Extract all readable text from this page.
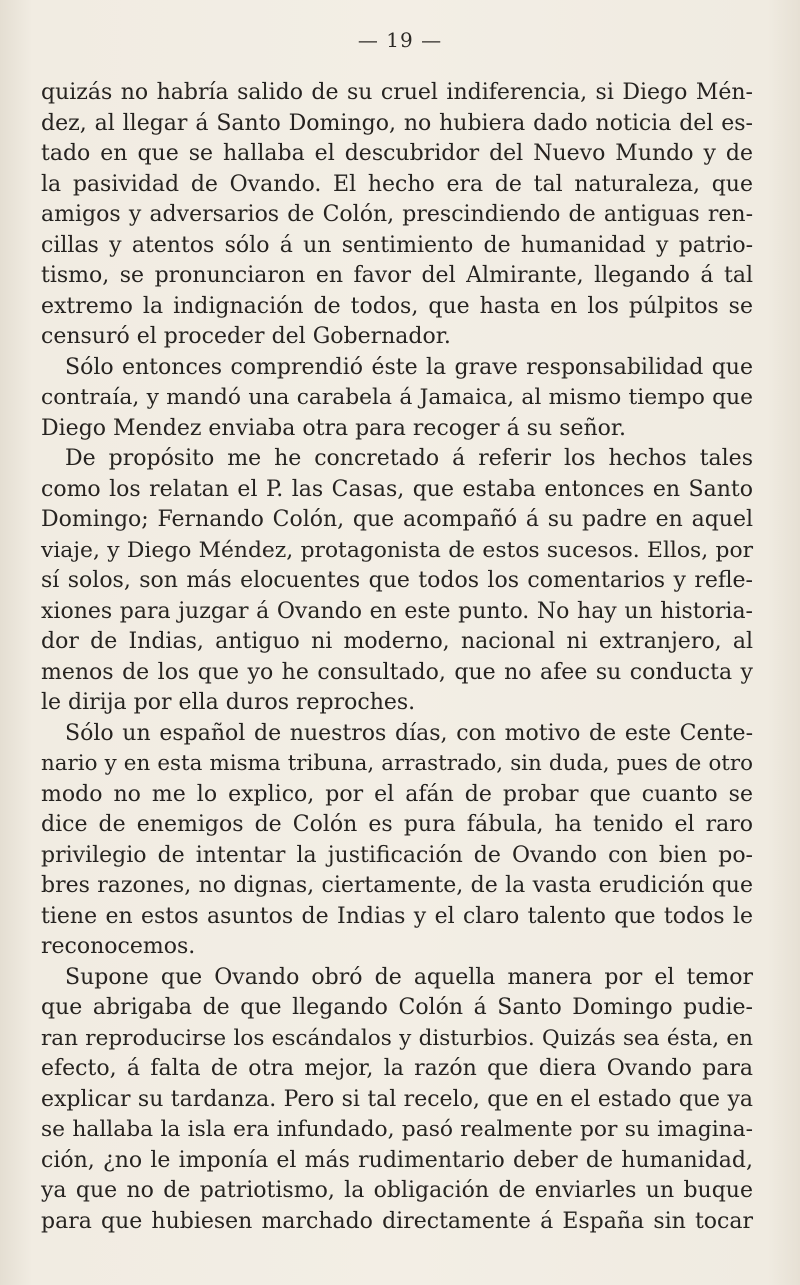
— 19 —
quizás no habría salido de su cruel indiferencia, si Diego Mén-
dez, al llegar á Santo Domingo, no hubiera dado noticia del es-
tado en que se hallaba el descubridor del Nuevo Mundo y de
la pasividad de Ovando. El hecho era de tal naturaleza, que
amigos y adversarios de Colón, prescindiendo de antiguas ren-
cillas y atentos sólo á un sentimiento de humanidad y patrio-
tismo, se pronunciaron en favor del Almirante, llegando á tal
extremo la indignación de todos, que hasta en los púlpitos se
censuró el proceder del Gobernador.
Sólo entonces comprendió éste la grave responsabilidad que
contraía, y mandó una carabela á Jamaica, al mismo tiempo que
Diego Mendez enviaba otra para recoger á su señor.
De propósito me he concretado á referir los hechos tales
como los relatan el P. las Casas, que estaba entonces en Santo
Domingo; Fernando Colón, que acompañó á su padre en aquel
viaje, y Diego Méndez, protagonista de estos sucesos. Ellos, por
sí solos, son más elocuentes que todos los comentarios y refle-
xiones para juzgar á Ovando en este punto. No hay un historia-
dor de Indias, antiguo ni moderno, nacional ni extranjero, al
menos de los que yo he consultado, que no afee su conducta y
le dirija por ella duros reproches.
Sólo un español de nuestros días, con motivo de este Cente-
nario y en esta misma tribuna, arrastrado, sin duda, pues de otro
modo no me lo explico, por el afán de probar que cuanto se
dice de enemigos de Colón es pura fábula, ha tenido el raro
privilegio de intentar la justificación de Ovando con bien po-
bres razones, no dignas, ciertamente, de la vasta erudición que
tiene en estos asuntos de Indias y el claro talento que todos le
reconocemos.
Supone que Ovando obró de aquella manera por el temor
que abrigaba de que llegando Colón á Santo Domingo pudie-
ran reproducirse los escándalos y disturbios. Quizás sea ésta, en
efecto, á falta de otra mejor, la razón que diera Ovando para
explicar su tardanza. Pero si tal recelo, que en el estado que ya
se hallaba la isla era infundado, pasó realmente por su imagina-
ción, ¿no le imponía el más rudimentario deber de humanidad,
ya que no de patriotismo, la obligación de enviarles un buque
para que hubiesen marchado directamente á España sin tocar
